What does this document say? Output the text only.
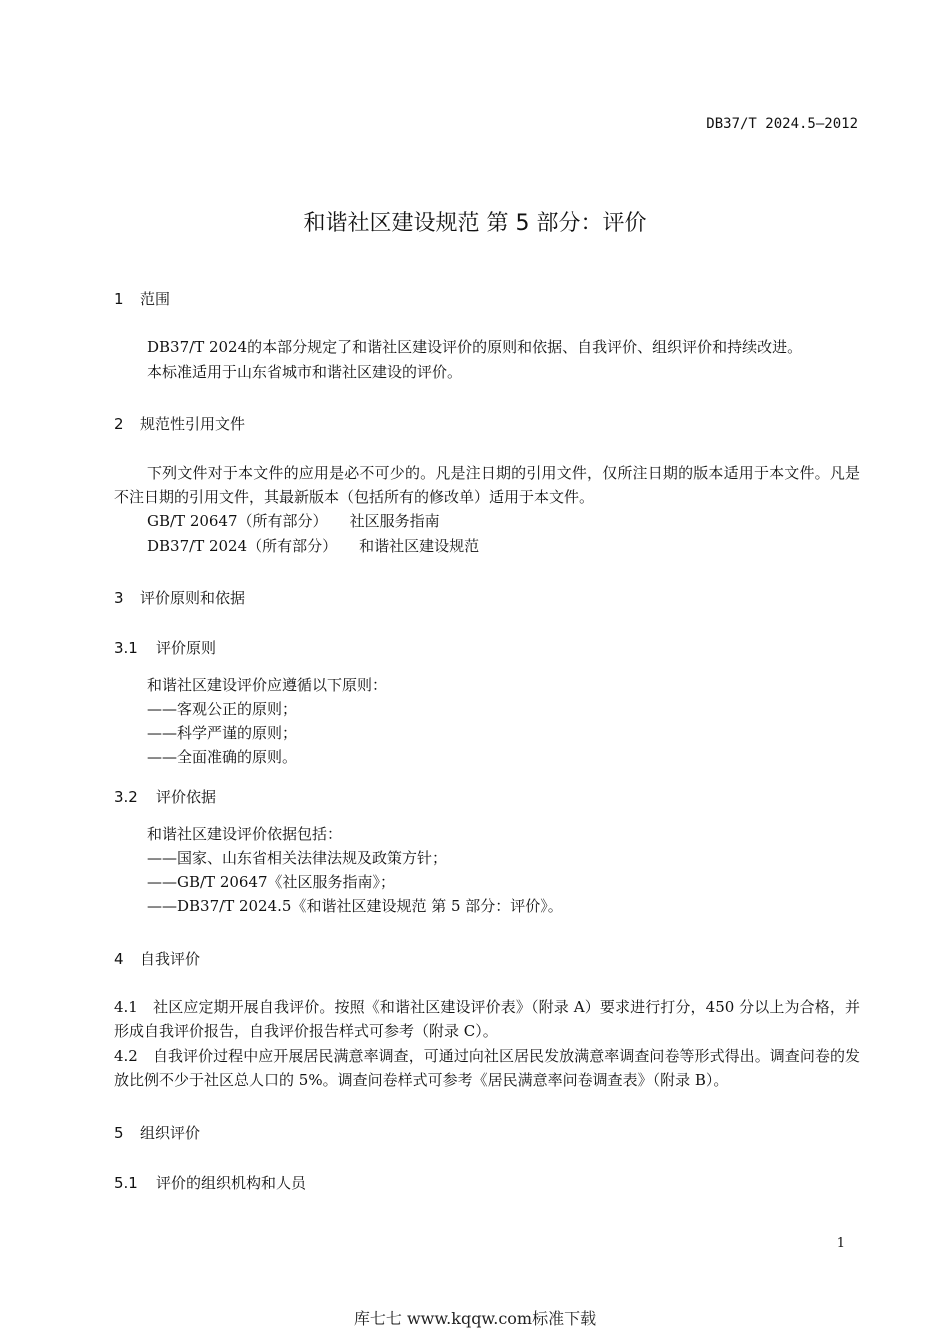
DB37/T 2024.5—2012
和谐社区建设规范 第 5 部分：评价
1 范围
DB37/T 2024的本部分规定了和谐社区建设评价的原则和依据、自我评价、组织评价和持续改进。
本标准适用于山东省城市和谐社区建设的评价。
2 规范性引用文件
下列文件对于本文件的应用是必不可少的。凡是注日期的引用文件，仅所注日期的版本适用于本文件。凡是不注日期的引用文件，其最新版本（包括所有的修改单）适用于本文件。
GB/T 20647（所有部分） 社区服务指南
DB37/T 2024（所有部分） 和谐社区建设规范
3 评价原则和依据
3.1 评价原则
和谐社区建设评价应遵循以下原则：
——客观公正的原则；
——科学严谨的原则；
——全面准确的原则。
3.2 评价依据
和谐社区建设评价依据包括：
——国家、山东省相关法律法规及政策方针；
——GB/T 20647《社区服务指南》；
——DB37/T 2024.5《和谐社区建设规范 第 5 部分：评价》。
4 自我评价
4.1　社区应定期开展自我评价。按照《和谐社区建设评价表》（附录 A）要求进行打分，450 分以上为合格，并形成自我评价报告，自我评价报告样式可参考（附录 C）。
4.2　自我评价过程中应开展居民满意率调查，可通过向社区居民发放满意率调查问卷等形式得出。调查问卷的发放比例不少于社区总人口的 5%。调查问卷样式可参考《居民满意率问卷调查表》（附录 B）。
5 组织评价
5.1 评价的组织机构和人员
1
库七七 www.kqqw.com标准下载
